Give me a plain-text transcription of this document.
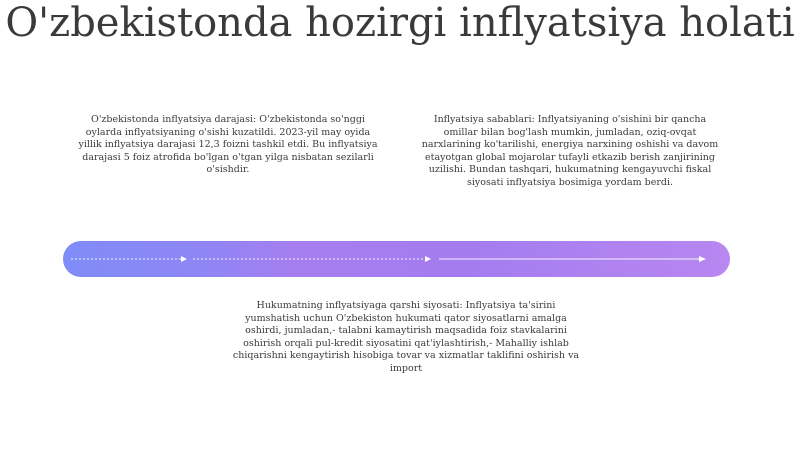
O'zbekistonda hozirgi inflyatsiya holati

O'zbekistonda inflyatsiya darajasi: O'zbekistonda so'nggi oylarda inflyatsiyaning o'sishi kuzatildi. 2023-yil may oyida yillik inflyatsiya darajasi 12,3 foizni tashkil etdi. Bu inflyatsiya darajasi 5 foiz atrofida bo'lgan o'tgan yilga nisbatan sezilarli o'sishdir.

Inflyatsiya sabablari: Inflyatsiyaning o'sishini bir qancha omillar bilan bog'lash mumkin, jumladan, oziq-ovqat narxlarining ko'tarilishi, energiya narxining oshishi va davom etayotgan global mojarolar tufayli etkazib berish zanjirining uzilishi. Bundan tashqari, hukumatning kengayuvchi fiskal siyosati inflyatsiya bosimiga yordam berdi.

Hukumatning inflyatsiyaga qarshi siyosati: Inflyatsiya ta'sirini yumshatish uchun O'zbekiston hukumati qator siyosatlarni amalga oshirdi, jumladan,- talabni kamaytirish maqsadida foiz stavkalarini oshirish orqali pul-kredit siyosatini qat'iylashtirish,- Mahalliy ishlab chiqarishni kengaytirish hisobiga tovar va xizmatlar taklifini oshirish va import
